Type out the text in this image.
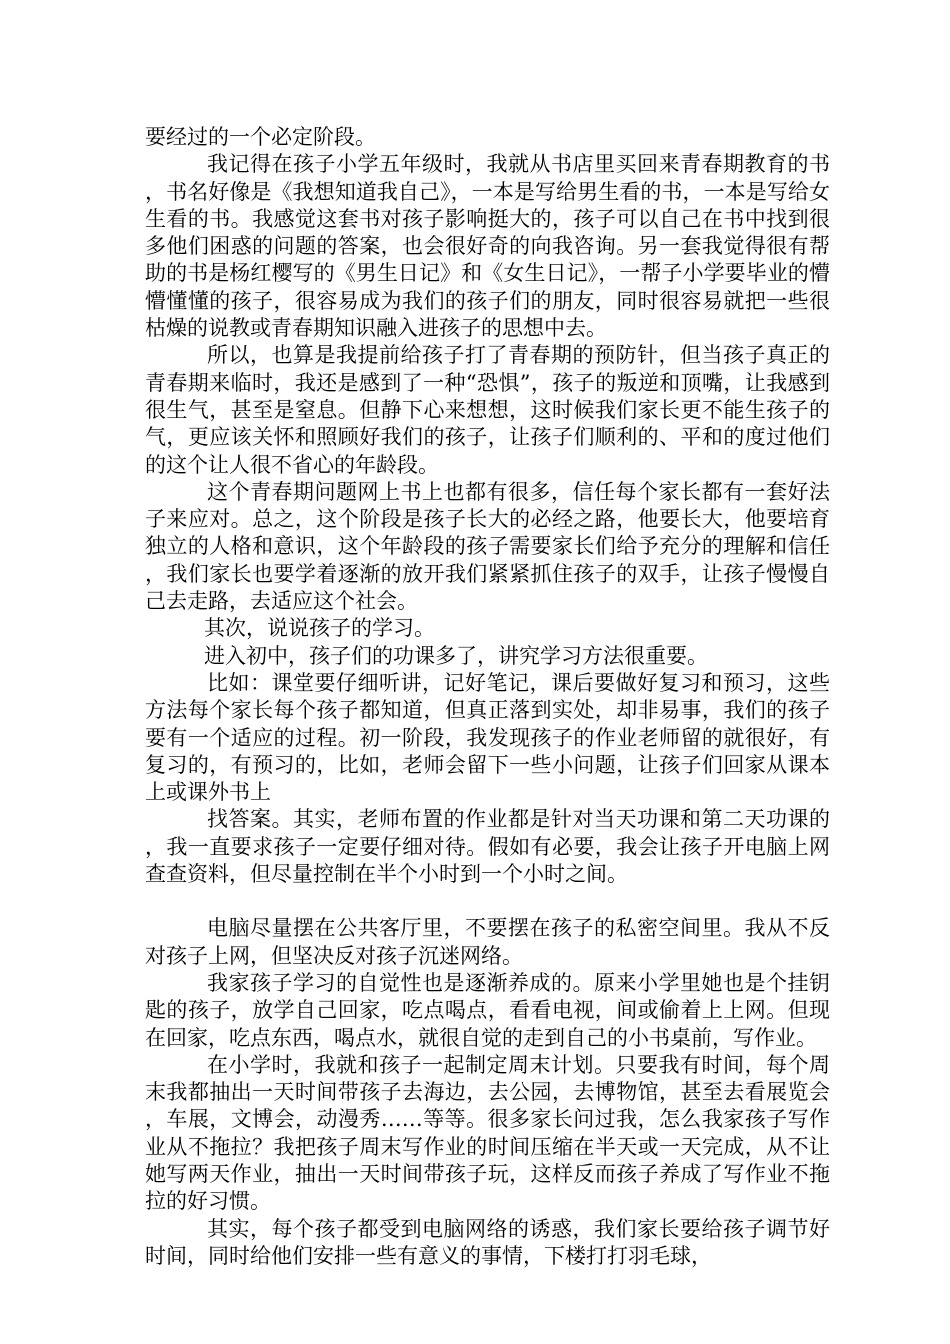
要经过的一个必定阶段。

我记得在孩子小学五年级时，我就从书店里买回来青春期教育的书，书名好像是《我想知道我自己》，一本是写给男生看的书，一本是写给女生看的书。我感觉这套书对孩子影响挺大的，孩子可以自己在书中找到很多他们困惑的问题的答案，也会很好奇的向我咨询。另一套我觉得很有帮助的书是杨红樱写的《男生日记》和《女生日记》，一帮子小学要毕业的懵懵懂懂的孩子，很容易成为我们的孩子们的朋友，同时很容易就把一些很枯燥的说教或青春期知识融入进孩子的思想中去。

所以，也算是我提前给孩子打了青春期的预防针，但当孩子真正的青春期来临时，我还是感到了一种“恐惧”，孩子的叛逆和顶嘴，让我感到很生气，甚至是窒息。但静下心来想想，这时候我们家长更不能生孩子的气，更应该关怀和照顾好我们的孩子，让孩子们顺利的、平和的度过他们的这个让人很不省心的年龄段。

这个青春期问题网上书上也都有很多，信任每个家长都有一套好法子来应对。总之，这个阶段是孩子长大的必经之路，他要长大，他要培育独立的人格和意识，这个年龄段的孩子需要家长们给予充分的理解和信任，我们家长也要学着逐渐的放开我们紧紧抓住孩子的双手，让孩子慢慢自己去走路，去适应这个社会。

其次，说说孩子的学习。

进入初中，孩子们的功课多了，讲究学习方法很重要。

比如：课堂要仔细听讲，记好笔记，课后要做好复习和预习，这些方法每个家长每个孩子都知道，但真正落到实处，却非易事，我们的孩子要有一个适应的过程。初一阶段，我发现孩子的作业老师留的就很好，有复习的，有预习的，比如，老师会留下一些小问题，让孩子们回家从课本上或课外书上

找答案。其实，老师布置的作业都是针对当天功课和第二天功课的，我一直要求孩子一定要仔细对待。假如有必要，我会让孩子开电脑上网查查资料，但尽量控制在半个小时到一个小时之间。

电脑尽量摆在公共客厅里，不要摆在孩子的私密空间里。我从不反对孩子上网，但坚决反对孩子沉迷网络。

我家孩子学习的自觉性也是逐渐养成的。原来小学里她也是个挂钥匙的孩子，放学自己回家，吃点喝点，看看电视，间或偷着上上网。但现在回家，吃点东西，喝点水，就很自觉的走到自己的小书桌前，写作业。

在小学时，我就和孩子一起制定周末计划。只要我有时间，每个周末我都抽出一天时间带孩子去海边，去公园，去博物馆，甚至去看展览会，车展，文博会，动漫秀……等等。很多家长问过我，怎么我家孩子写作业从不拖拉？我把孩子周末写作业的时间压缩在半天或一天完成，从不让她写两天作业，抽出一天时间带孩子玩，这样反而孩子养成了写作业不拖拉的好习惯。

其实，每个孩子都受到电脑网络的诱惑，我们家长要给孩子调节好时间，同时给他们安排一些有意义的事情，下楼打打羽毛球，
